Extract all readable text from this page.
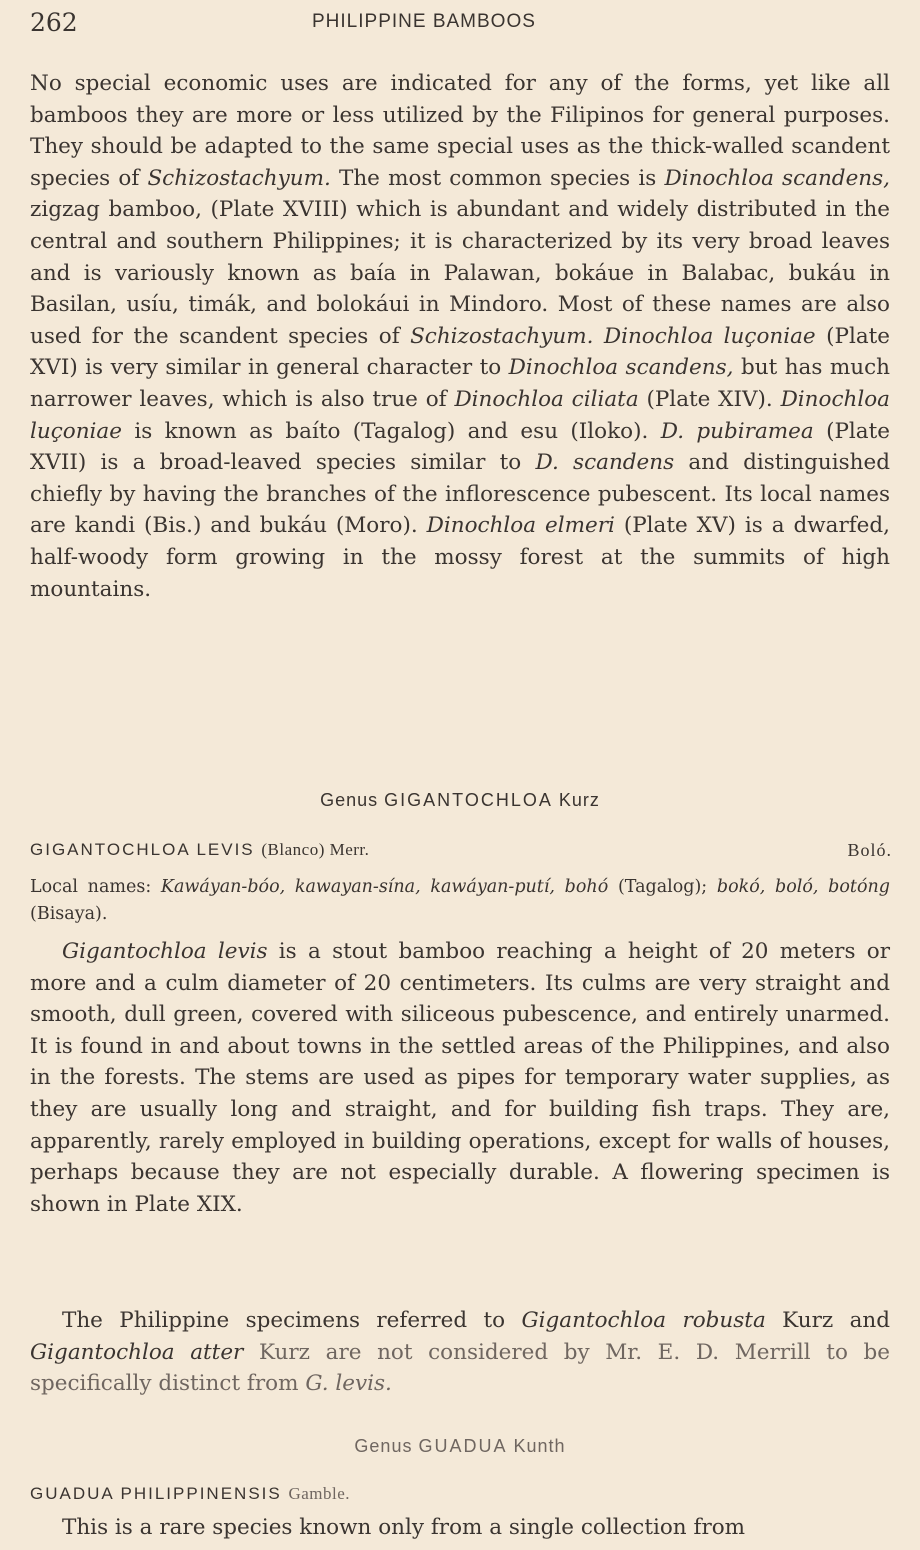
262	PHILIPPINE BAMBOOS

No special economic uses are indicated for any of the forms, yet like all bamboos they are more or less utilized by the Filipinos for general purposes. They should be adapted to the same special uses as the thick-walled scandent species of Schizostachyum. The most common species is Dinochloa scandens, zigzag bamboo, (Plate XVIII) which is abundant and widely distributed in the central and southern Philippines; it is characterized by its very broad leaves and is variously known as baía in Palawan, bokáue in Balabac, bukáu in Basilan, usíu, timák, and bolokáui in Mindoro. Most of these names are also used for the scandent species of Schizostachyum. Dinochloa luçoniae (Plate XVI) is very similar in general character to Dinochloa scandens, but has much narrower leaves, which is also true of Dinochloa ciliata (Plate XIV). Dinochloa luçoniae is known as baíto (Tagalog) and esu (Iloko). D. pubiramea (Plate XVII) is a broad-leaved species similar to D. scandens and distinguished chiefly by having the branches of the inflorescence pubescent. Its local names are kandi (Bis.) and bukáu (Moro). Dinochloa elmeri (Plate XV) is a dwarfed, half-woody form growing in the mossy forest at the summits of high mountains.

Genus GIGANTOCHLOA Kurz
GIGANTOCHLOA LEVIS (Blanco) Merr.	Boló.
Local names: Kawáyan-bóo, kawayan-sína, kawáyan-putí, bohó (Tagalog); bokó, boló, botóng (Bisaya).

Gigantochloa levis is a stout bamboo reaching a height of 20 meters or more and a culm diameter of 20 centimeters. Its culms are very straight and smooth, dull green, covered with siliceous pubescence, and entirely unarmed. It is found in and about towns in the settled areas of the Philippines, and also in the forests. The stems are used as pipes for temporary water supplies, as they are usually long and straight, and for building fish traps. They are, apparently, rarely employed in building operations, except for walls of houses, perhaps because they are not especially durable. A flowering specimen is shown in Plate XIX.

The Philippine specimens referred to Gigantochloa robusta Kurz and Gigantochloa atter Kurz are not considered by Mr. E. D. Merrill to be specifically distinct from G. levis.

Genus GUADUA Kunth
GUADUA PHILIPPINENSIS Gamble.

This is a rare species known only from a single collection from
